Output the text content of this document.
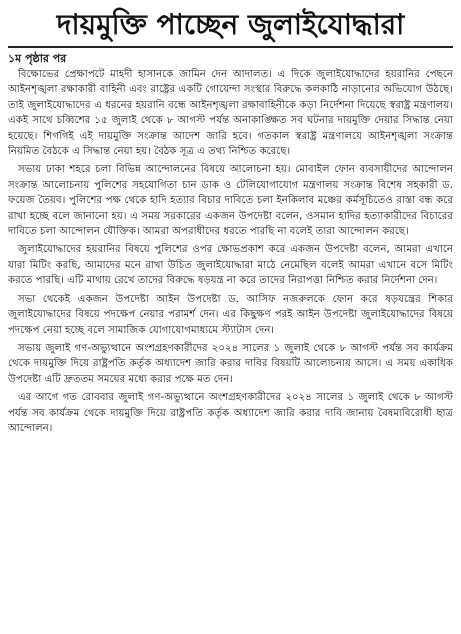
দায়মুক্তি পাচ্ছেন জুলাইযোদ্ধারা
১ম পৃষ্ঠার পর

বিক্ষোভের প্রেক্ষাপটে মাহদী হাসানকে জামিন দেন আদালত। এ দিকে জুলাইযোদ্ধাদের হয়রানির পেছনে আইনশৃঙ্খলা রক্ষাকারী বাহিনী এবং রাষ্ট্রের একটি গোয়েন্দা সংস্থার বিরুদ্ধে কলকাঠি নাড়ানোর অভিযোগ উঠছে। তাই জুলাইযোদ্ধাদের এ ধরনের হয়রানি বন্ধে আইনশৃঙ্খলা রক্ষাবাহিনীকে কড়া নির্দেশনা দিয়েছে স্বরাষ্ট্র মন্ত্রণালয়। একই সাথে চব্বিশের ১৫ জুলাই থেকে ৮ আগস্ট পর্যন্ত অনাকাঙ্ক্ষিত সব ঘটনার দায়মুক্তি দেয়ার সিদ্ধান্ত নেয়া হয়েছে। শিগগিই এই দায়মুক্তি সংক্রান্ত আদেশ জারি হবে। গতকাল স্বরাষ্ট্র মন্ত্রণালয়ে আইনশৃঙ্খলা সংক্রান্ত নিয়মিত বৈঠকে এ সিদ্ধান্ত নেয়া হয়। বৈঠক সূত্র এ তথ্য নিশ্চিত করেছে।

সভায় ঢাকা শহরে চলা বিভিন্ন আন্দোলনের বিষয়ে আলোচনা হয়। মোবাইল ফোন ব্যবসায়ীদের আন্দোলন সংক্রান্ত আলোচনায় পুলিশের সহযোগিতা চান ডাক ও টেলিযোগাযোগ মন্ত্রণালয় সংক্রান্ত বিশেষ সহকারী ড. ফয়েজ তৈয়ব। পুলিশের পক্ষ থেকে হাদি হত্যার বিচার দাবিতে চলা ইনকিলাব মঞ্চের কর্মসূচিতেও রাস্তা বন্ধ করে রাখা হচ্ছে বলে জানানো হয়। এ সময় সরকারের একজন উপদেষ্টা বলেন, ওসমান হাদির হত্যাকারীদের বিচারের দাবিতে চলা আন্দোলন যৌক্তিক। আমরা অপরাধীদের ধরতে পারছি না বলেই তারা আন্দোলন করছে।

জুলাইযোদ্ধাদের হয়রানির বিষয়ে পুলিশের ওপর ক্ষোভপ্রকাশ করে একজন উপদেষ্টা বলেন, আমরা এখানে যারা মিটিং করছি, আমাদের মনে রাখা উচিত জুলাইযোদ্ধারা মাঠে নেমেছিল বলেই আমরা এখানে বসে মিটিং করতে পারছি। এটি মাথায় রেখে তাদের বিরুদ্ধে ষড়যন্ত্র না করে তাদের নিরাপত্তা নিশ্চিত করার নির্দেশনা দেন।

সভা থেকেই একজন উপদেষ্টা আইন উপদেষ্টা ড. আসিফ নজরুলকে ফোন করে ষড়যন্ত্রের শিকার জুলাইযোদ্ধাদের বিষয়ে পদক্ষেপ নেয়ার পরামর্শ দেন। এর কিছুক্ষণ পরই আইন উপদেষ্টা জুলাইযোদ্ধাদের বিষয়ে পদক্ষেপ নেয়া হচ্ছে বলে সামাজিক যোগাযোগমাধ্যমে স্ট্যাটাস দেন।

সভায় জুলাই গণ-অভ্যুত্থানে অংশগ্রহণকারীদের ২০২৪ সালের ১ জুলাই থেকে ৮ আগস্ট পর্যন্ত সব কার্যক্রম থেকে দায়মুক্তি দিয়ে রাষ্ট্রপতি কর্তৃক অধ্যাদেশ জারি করার দাবির বিষয়টি আলোচনায় আসে। এ সময় একাধিক উপদেষ্টা এটি দ্রুততম সময়ের মধ্যে করার পক্ষে মত দেন।

এর আগে গত রোববার জুলাই গণ-অভ্যুত্থানে অংশগ্রহণকারীদের ২০২৪ সালের ১ জুলাই থেকে ৮ আগস্ট পর্যন্ত সব কার্যক্রম থেকে দায়মুক্তি দিয়ে রাষ্ট্রপতি কর্তৃক অধ্যাদেশ জারি করার দাবি জানায় বৈষম্যবিরোধী ছাত্র আন্দোলন।
